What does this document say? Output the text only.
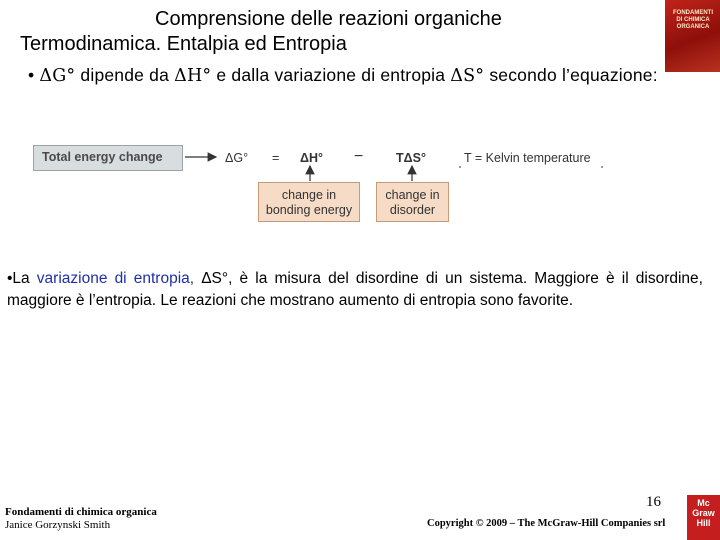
Comprensione delle reazioni organiche
Termodinamica. Entalpia ed Entropia
FONDAMENTI DI CHIMICA ORGANICA
• ΔG° dipende da ΔH° e dalla variazione di entropia ΔS° secondo l’equazione:
Total energy change	ΔG° = ΔH° −	TΔS°	T = Kelvin temperature
change in
bonding energy
change in
disorder
•La variazione di entropia, ΔS°, è la misura del disordine di un sistema. Maggiore è il disordine, maggiore è l’entropia. Le reazioni che mostrano aumento di entropia sono favorite.
Fondamenti di chimica organica
Janice Gorzynski Smith
16
Copyright © 2009 – The McGraw-Hill Companies srl
Mc
Graw
Hill
